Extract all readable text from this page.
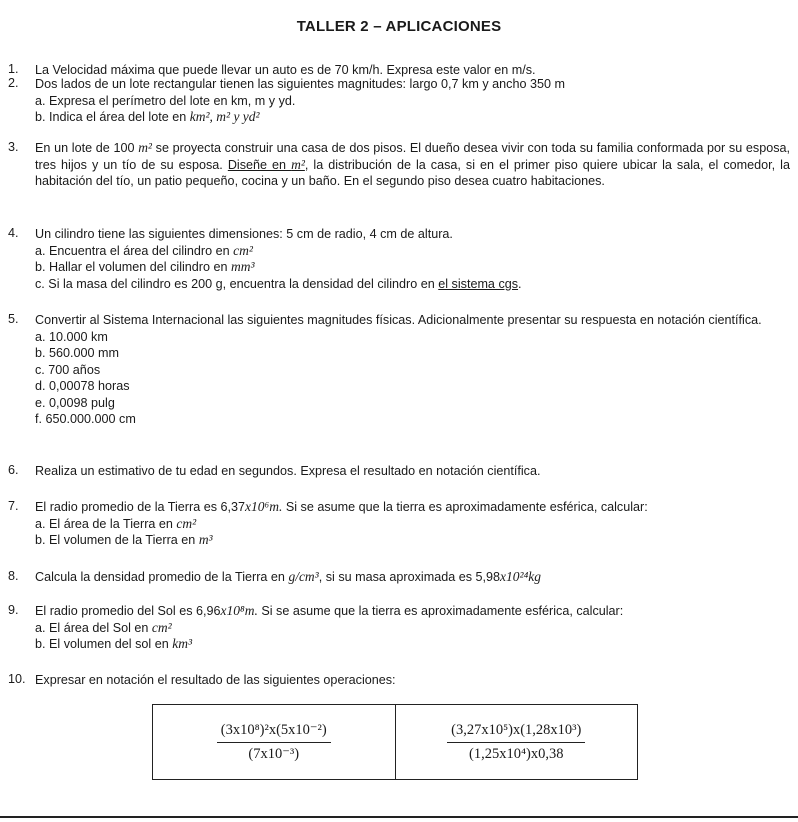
TALLER 2 – APLICACIONES
1.	La Velocidad máxima que puede llevar un auto es de 70 km/h. Expresa este valor en m/s.
2.	Dos lados de un lote rectangular tienen las siguientes magnitudes: largo 0,7 km y ancho 350 m
a. Expresa el perímetro del lote en km, m y yd.
b. Indica el área del lote en km², m² y yd²
3.	En un lote de 100 m² se proyecta construir una casa de dos pisos. El dueño desea vivir con toda su familia conformada por su esposa, tres hijos y un tío de su esposa. Diseñe en m², la distribución de la casa, si en el primer piso quiere ubicar la sala, el comedor, la habitación del tío, un patio pequeño, cocina y un baño. En el segundo piso desea cuatro habitaciones.
4.	Un cilindro tiene las siguientes dimensiones: 5 cm de radio, 4 cm de altura.
a. Encuentra el área del cilindro en cm²
b. Hallar el volumen del cilindro en mm³
c. Si la masa del cilindro es 200 g, encuentra la densidad del cilindro en el sistema cgs.
5.	Convertir al Sistema Internacional las siguientes magnitudes físicas. Adicionalmente presentar su respuesta en notación científica.
a. 10.000 km
b. 560.000 mm
c. 700 años
d. 0,00078 horas
e. 0,0098 pulg
f. 650.000.000 cm
6.	Realiza un estimativo de tu edad en segundos. Expresa el resultado en notación científica.
7.	El radio promedio de la Tierra es 6,37x10⁶m. Si se asume que la tierra es aproximadamente esférica, calcular:
a. El área de la Tierra en cm²
b. El volumen de la Tierra en m³
8.	Calcula la densidad promedio de la Tierra en g/cm³, si su masa aproximada es 5,98x10²⁴kg
9.	El radio promedio del Sol es 6,96x10⁸m. Si se asume que la tierra es aproximadamente esférica, calcular:
a. El área del Sol en cm²
b. El volumen del sol en km³
10. Expresar en notación el resultado de las siguientes operaciones:
$\frac{\text{(3x10⁸)²x(5x10⁻²)}}{\text{(7x10⁻³)}}$	$\frac{\text{(3,27x10⁵)x(1,28x10³)}}{\text{(1,25x10⁴)x0,38}}$
